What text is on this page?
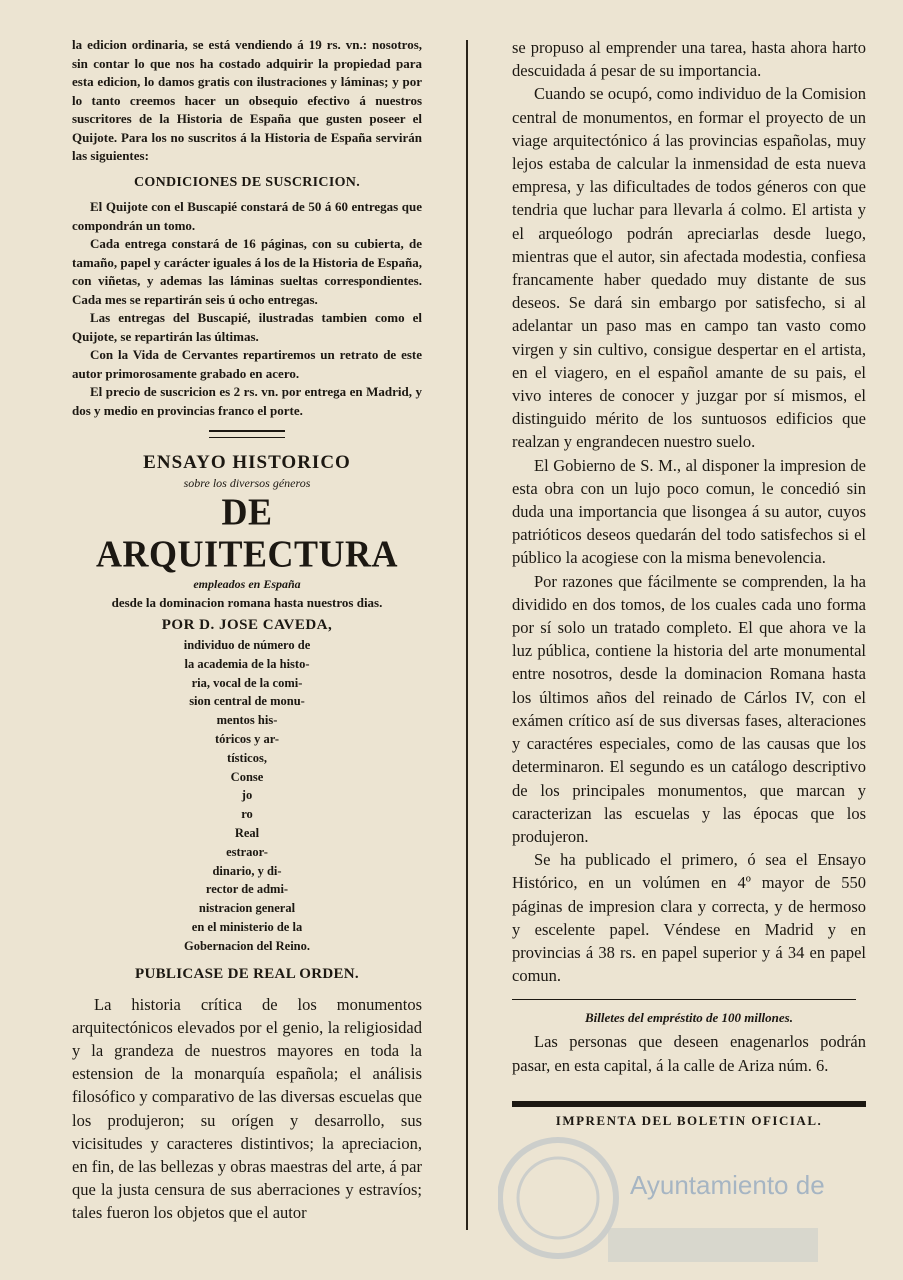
la edicion ordinaria, se está vendiendo á 19 rs. vn.: nosotros, sin contar lo que nos ha costado adquirir la propiedad para esta edicion, lo damos gratis con ilustraciones y láminas; y por lo tanto creemos hacer un obsequio efectivo á nuestros suscritores de la Historia de España que gusten poseer el Quijote. Para los no suscritos á la Historia de España servirán las siguientes:

CONDICIONES DE SUSCRICION.

El Quijote con el Buscapié constará de 50 á 60 entregas que compondrán un tomo.

Cada entrega constará de 16 páginas, con su cubierta, de tamaño, papel y carácter iguales á los de la Historia de España, con viñetas, y ademas las láminas sueltas correspondientes. Cada mes se repartirán seis ú ocho entregas.

Las entregas del Buscapié, ilustradas tambien como el Quijote, se repartirán las últimas.

Con la Vida de Cervantes repartiremos un retrato de este autor primorosamente grabado en acero.

El precio de suscricion es 2 rs. vn. por entrega en Madrid, y dos y medio en provincias franco el porte.

ENSAYO HISTORICO

sobre los diversos géneros

DE ARQUITECTURA

empleados en España

desde la dominacion romana hasta nuestros dias.

POR D. JOSE CAVEDA,

individuo de número de
la academia de la histo-
ria, vocal de la comi-
sion central de monu-
mentos his-
tóricos y ar-
tísticos,
Conse
jo
ro
Real
estraor-
dinario, y di-
rector de admi-
nistracion general
en el ministerio de la
Gobernacion del Reino.

PUBLICASE DE REAL ORDEN.

La historia crítica de los monumentos arquitectónicos elevados por el genio, la religiosidad y la grandeza de nuestros mayores en toda la estension de la monarquía española; el análisis filosófico y comparativo de las diversas escuelas que los produjeron; su orígen y desarrollo, sus vicisitudes y caracteres distintivos; la apreciacion, en fin, de las bellezas y obras maestras del arte, á par que la justa censura de sus aberraciones y estravíos; tales fueron los objetos que el autor

se propuso al emprender una tarea, hasta ahora harto descuidada á pesar de su importancia.

Cuando se ocupó, como individuo de la Comision central de monumentos, en formar el proyecto de un viage arquitectónico á las provincias españolas, muy lejos estaba de calcular la inmensidad de esta nueva empresa, y las dificultades de todos géneros con que tendria que luchar para llevarla á colmo. El artista y el arqueólogo podrán apreciarlas desde luego, mientras que el autor, sin afectada modestia, confiesa francamente haber quedado muy distante de sus deseos. Se dará sin embargo por satisfecho, si al adelantar un paso mas en campo tan vasto como virgen y sin cultivo, consigue despertar en el artista, en el viagero, en el español amante de su pais, el vivo interes de conocer y juzgar por sí mismos, el distinguido mérito de los suntuosos edificios que realzan y engrandecen nuestro suelo.

El Gobierno de S. M., al disponer la impresion de esta obra con un lujo poco comun, le concedió sin duda una importancia que lisongea á su autor, cuyos patrióticos deseos quedarán del todo satisfechos si el público la acogiese con la misma benevolencia.

Por razones que fácilmente se comprenden, la ha dividido en dos tomos, de los cuales cada uno forma por sí solo un tratado completo. El que ahora ve la luz pública, contiene la historia del arte monumental entre nosotros, desde la dominacion Romana hasta los últimos años del reinado de Cárlos IV, con el exámen crítico así de sus diversas fases, alteraciones y caractéres especiales, como de las causas que los determinaron. El segundo es un catálogo descriptivo de los principales monumentos, que marcan y caracterizan las escuelas y las épocas que los produjeron.

Se ha publicado el primero, ó sea el Ensayo Histórico, en un volúmen en 4º mayor de 550 páginas de impresion clara y correcta, y de hermoso y escelente papel. Véndese en Madrid y en provincias á 38 rs. en papel superior y á 34 en papel comun.

Billetes del empréstito de 100 millones.

Las personas que deseen enagenarlos podrán pasar, en esta capital, á la calle de Ariza núm. 6.

IMPRENTA DEL BOLETIN OFICIAL.

Ayuntamiento de
